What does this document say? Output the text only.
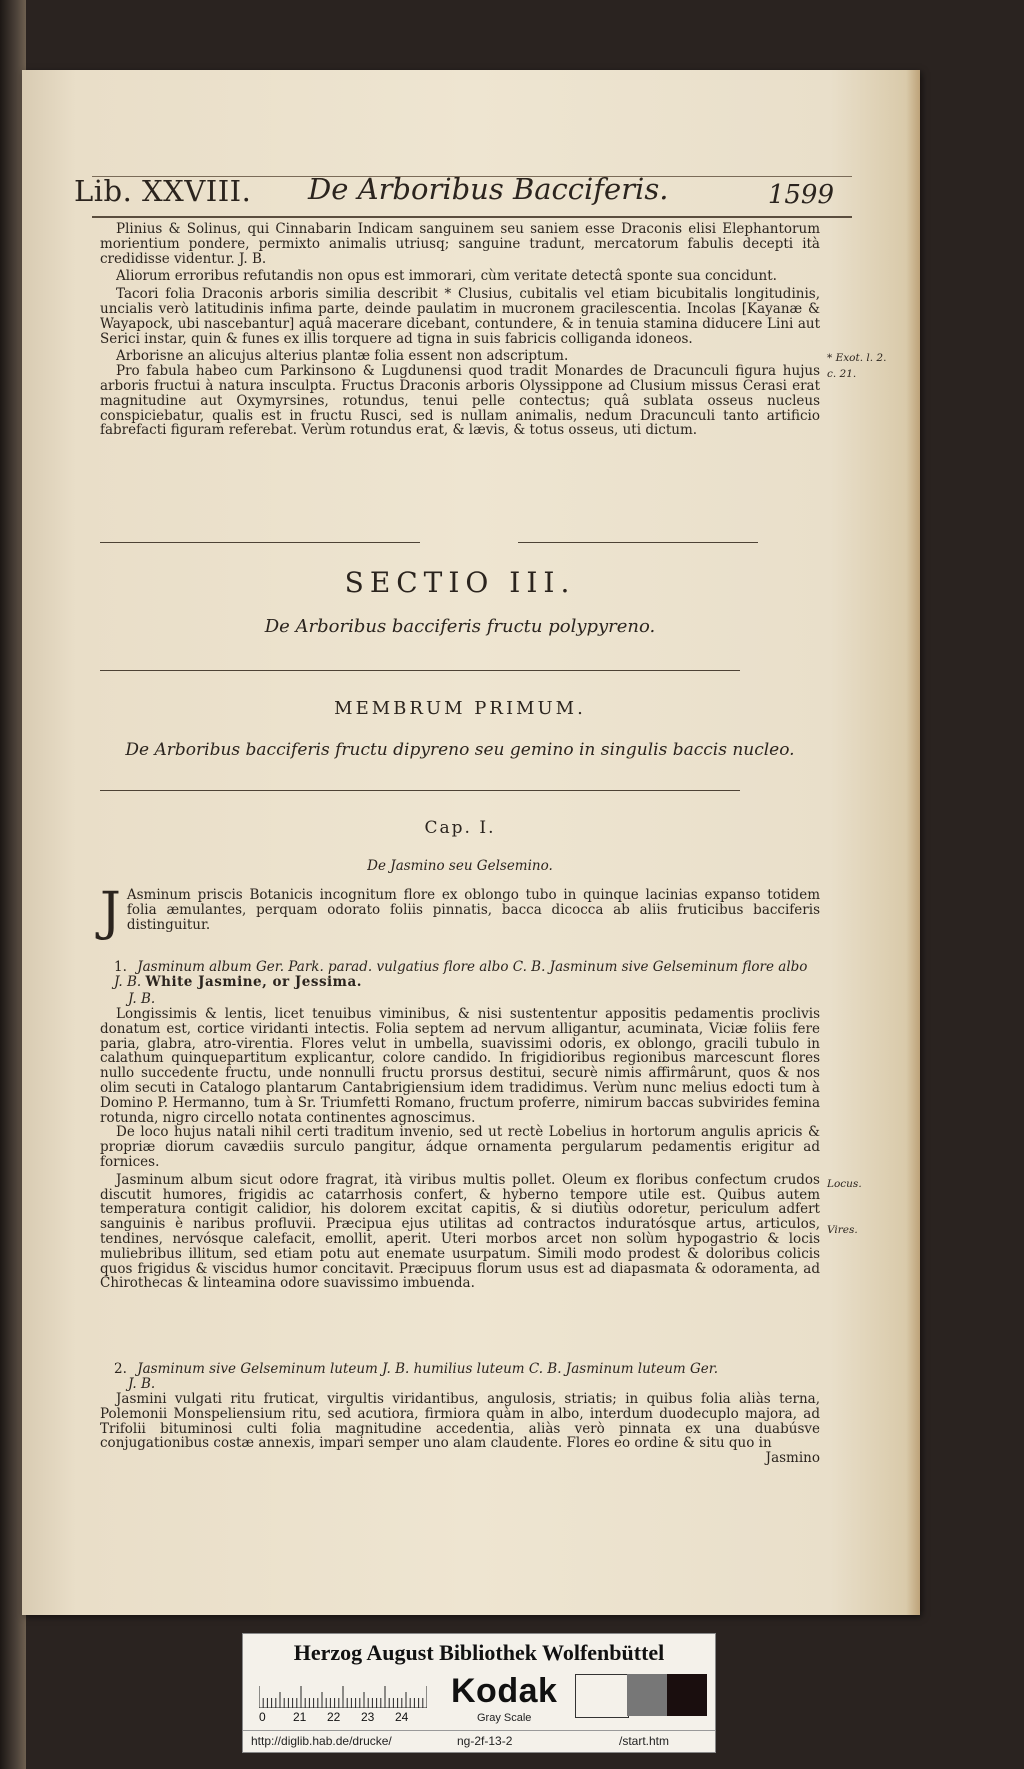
Lib. XXVIII. De Arboribus Bacciferis.	1599

Plinius & Solinus, qui Cinnabarin Indicam sanguinem seu saniem esse Draconis elisi Elephantorum morientium pondere, permixto animalis utriusq; sanguine tradunt, mercatorum fabulis decepti ità credidisse videntur. J. B.

Aliorum erroribus refutandis non opus est immorari, cùm veritate detectâ sponte sua concidunt.

Tacori folia Draconis arboris similia describit * Clusius, cubitalis vel etiam bicubitalis longitudinis, uncialis verò latitudinis infima parte, deinde paulatim in mucronem gracilescentia. Incolas [Kayanæ & Wayapock, ubi nascebantur] aquâ macerare dicebant, contundere, & in tenuia stamina diducere Lini aut Serici instar, quin & funes ex illis torquere ad tigna in suis fabricis colliganda idoneos.

Arborisne an alicujus alterius plantæ folia essent non adscriptum.

Pro fabula habeo cum Parkinsono & Lugdunensi quod tradit Monardes de Dracunculi figura hujus arboris fructui à natura insculpta. Fructus Draconis arboris Olyssippone ad Clusium missus Cerasi erat magnitudine aut Oxymyrsines, rotundus, tenui pelle contectus; quâ sublata osseus nucleus conspiciebatur, qualis est in fructu Rusci, sed is nullam animalis, nedum Dracunculi tanto artificio fabrefacti figuram referebat. Verùm rotundus erat, & lævis, & totus osseus, uti dictum.

* Exot. l. 2.
c. 21.
SECTIO III.
De Arboribus bacciferis fructu polypyreno.
MEMBRUM PRIMUM.
De Arboribus bacciferis fructu dipyreno seu gemino in singulis baccis nucleo.
Cap. I.
De Jasmino seu Gelsemino.

J Asminum priscis Botanicis incognitum flore ex oblongo tubo in quinque lacinias expanso totidem folia æmulantes, perquam odorato foliis pinnatis, bacca dicocca ab aliis fruticibus bacciferis distinguitur.

1. Jasminum album Ger. Park. parad. vulgatius flore albo C. B. Jasminum sive Gelseminum flore albo J. B. White Jasmine, or Jessima.

J. B.

Longissimis & lentis, licet tenuibus viminibus, & nisi sustententur appositis pedamentis proclivis donatum est, cortice viridanti intectis. Folia septem ad nervum alligantur, acuminata, Viciæ foliis fere paria, glabra, atro-virentia. Flores velut in umbella, suavissimi odoris, ex oblongo, gracili tubulo in calathum quinquepartitum explicantur, colore candido. In frigidioribus regionibus marcescunt flores nullo succedente fructu, unde nonnulli fructu prorsus destitui, securè nimis affirmârunt, quos & nos olim secuti in Catalogo plantarum Cantabrigiensium idem tradidimus. Verùm nunc melius edocti tum à Domino P. Hermanno, tum à Sr. Triumfetti Romano, fructum proferre, nimirum baccas subvirides femina rotunda, nigro circello notata continentes agnoscimus.

De loco hujus natali nihil certi traditum invenio, sed ut rectè Lobelius in hortorum angulis apricis & propriæ diorum cavædiis surculo pangitur, ádque ornamenta pergularum pedamentis erigitur ad fornices.

Jasminum album sicut odore fragrat, ità viribus multis pollet. Oleum ex floribus confectum crudos discutit humores, frigidis ac catarrhosis confert, & hyberno tempore utile est. Quibus autem temperatura contigit calidior, his dolorem excitat capitis, & si diutiùs odoretur, periculum adfert sanguinis è naribus profluvii. Præcipua ejus utilitas ad contractos induratósque artus, articulos, tendines, nervósque calefacit, emollit, aperit. Uteri morbos arcet non solùm hypogastrio & locis muliebribus illitum, sed etiam potu aut enemate usurpatum. Simili modo prodest & doloribus colicis quos frigidus & viscidus humor concitavit. Præcipuus florum usus est ad diapasmata & odoramenta, ad Chirothecas & linteamina odore suavissimo imbuenda.

Locus.
Vires.

2. Jasminum sive Gelseminum luteum J. B. humilius luteum C. B. Jasminum luteum Ger.

J. B.

Jasmini vulgati ritu fruticat, virgultis viridantibus, angulosis, striatis; in quibus folia aliàs terna, Polemonii Monspeliensium ritu, sed acutiora, firmiora quàm in albo, interdum duodecuplo majora, ad Trifolii bituminosi culti folia magnitudine accedentia, aliàs verò pinnata ex una duabúsve conjugationibus costæ annexis, impari semper uno alam claudente. Flores eo ordine & situ quo in

Jasmino

Herzog August Bibliothek Wolfenbüttel
0 21 22 23 24
Kodak
Gray Scale
http://diglib.hab.de/drucke/	ng-2f-13-2	/start.htm
